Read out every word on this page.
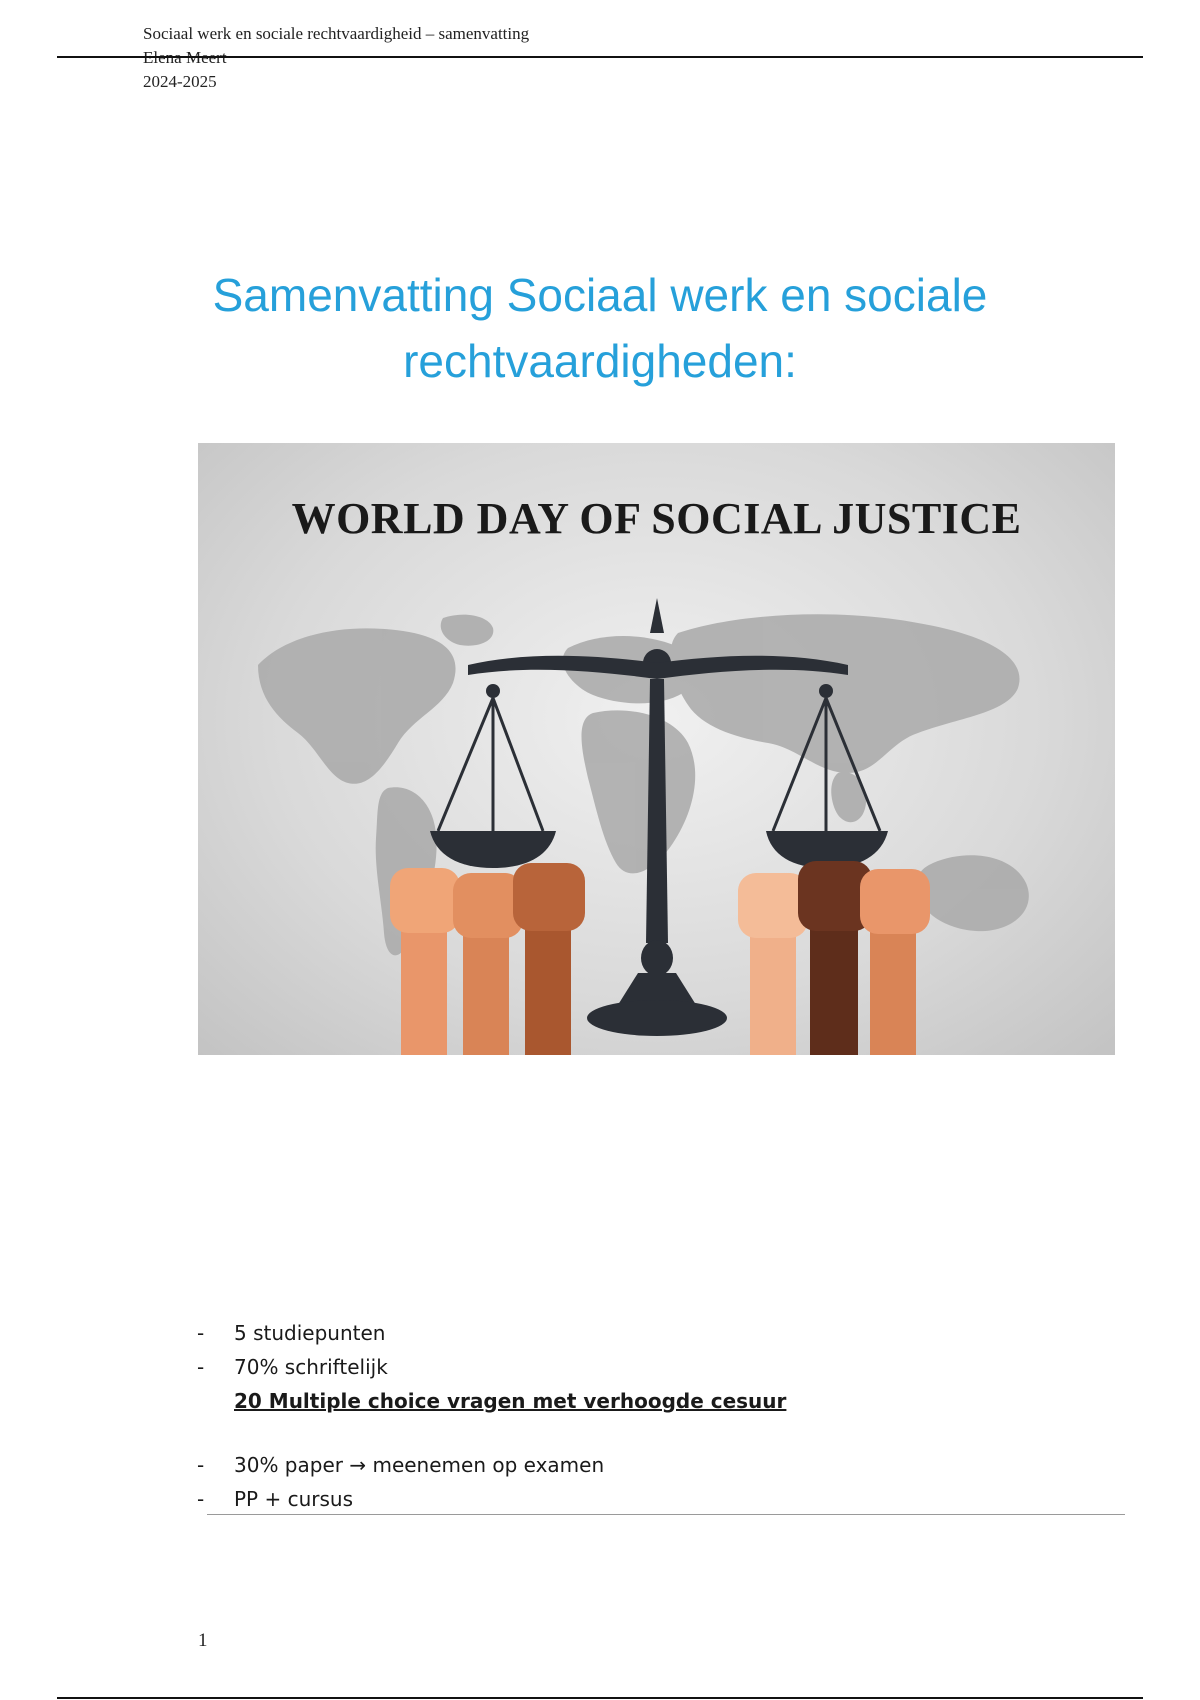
Sociaal werk en sociale rechtvaardigheid – samenvatting
Elena Meert
2024-2025
Samenvatting Sociaal werk en sociale
rechtvaardigheden:
WORLD DAY OF SOCIAL JUSTICE
- 5 studiepunten
- 70% schriftelijk
20 Multiple choice vragen met verhoogde cesuur
- 30% paper → meenemen op examen
- PP + cursus
1
